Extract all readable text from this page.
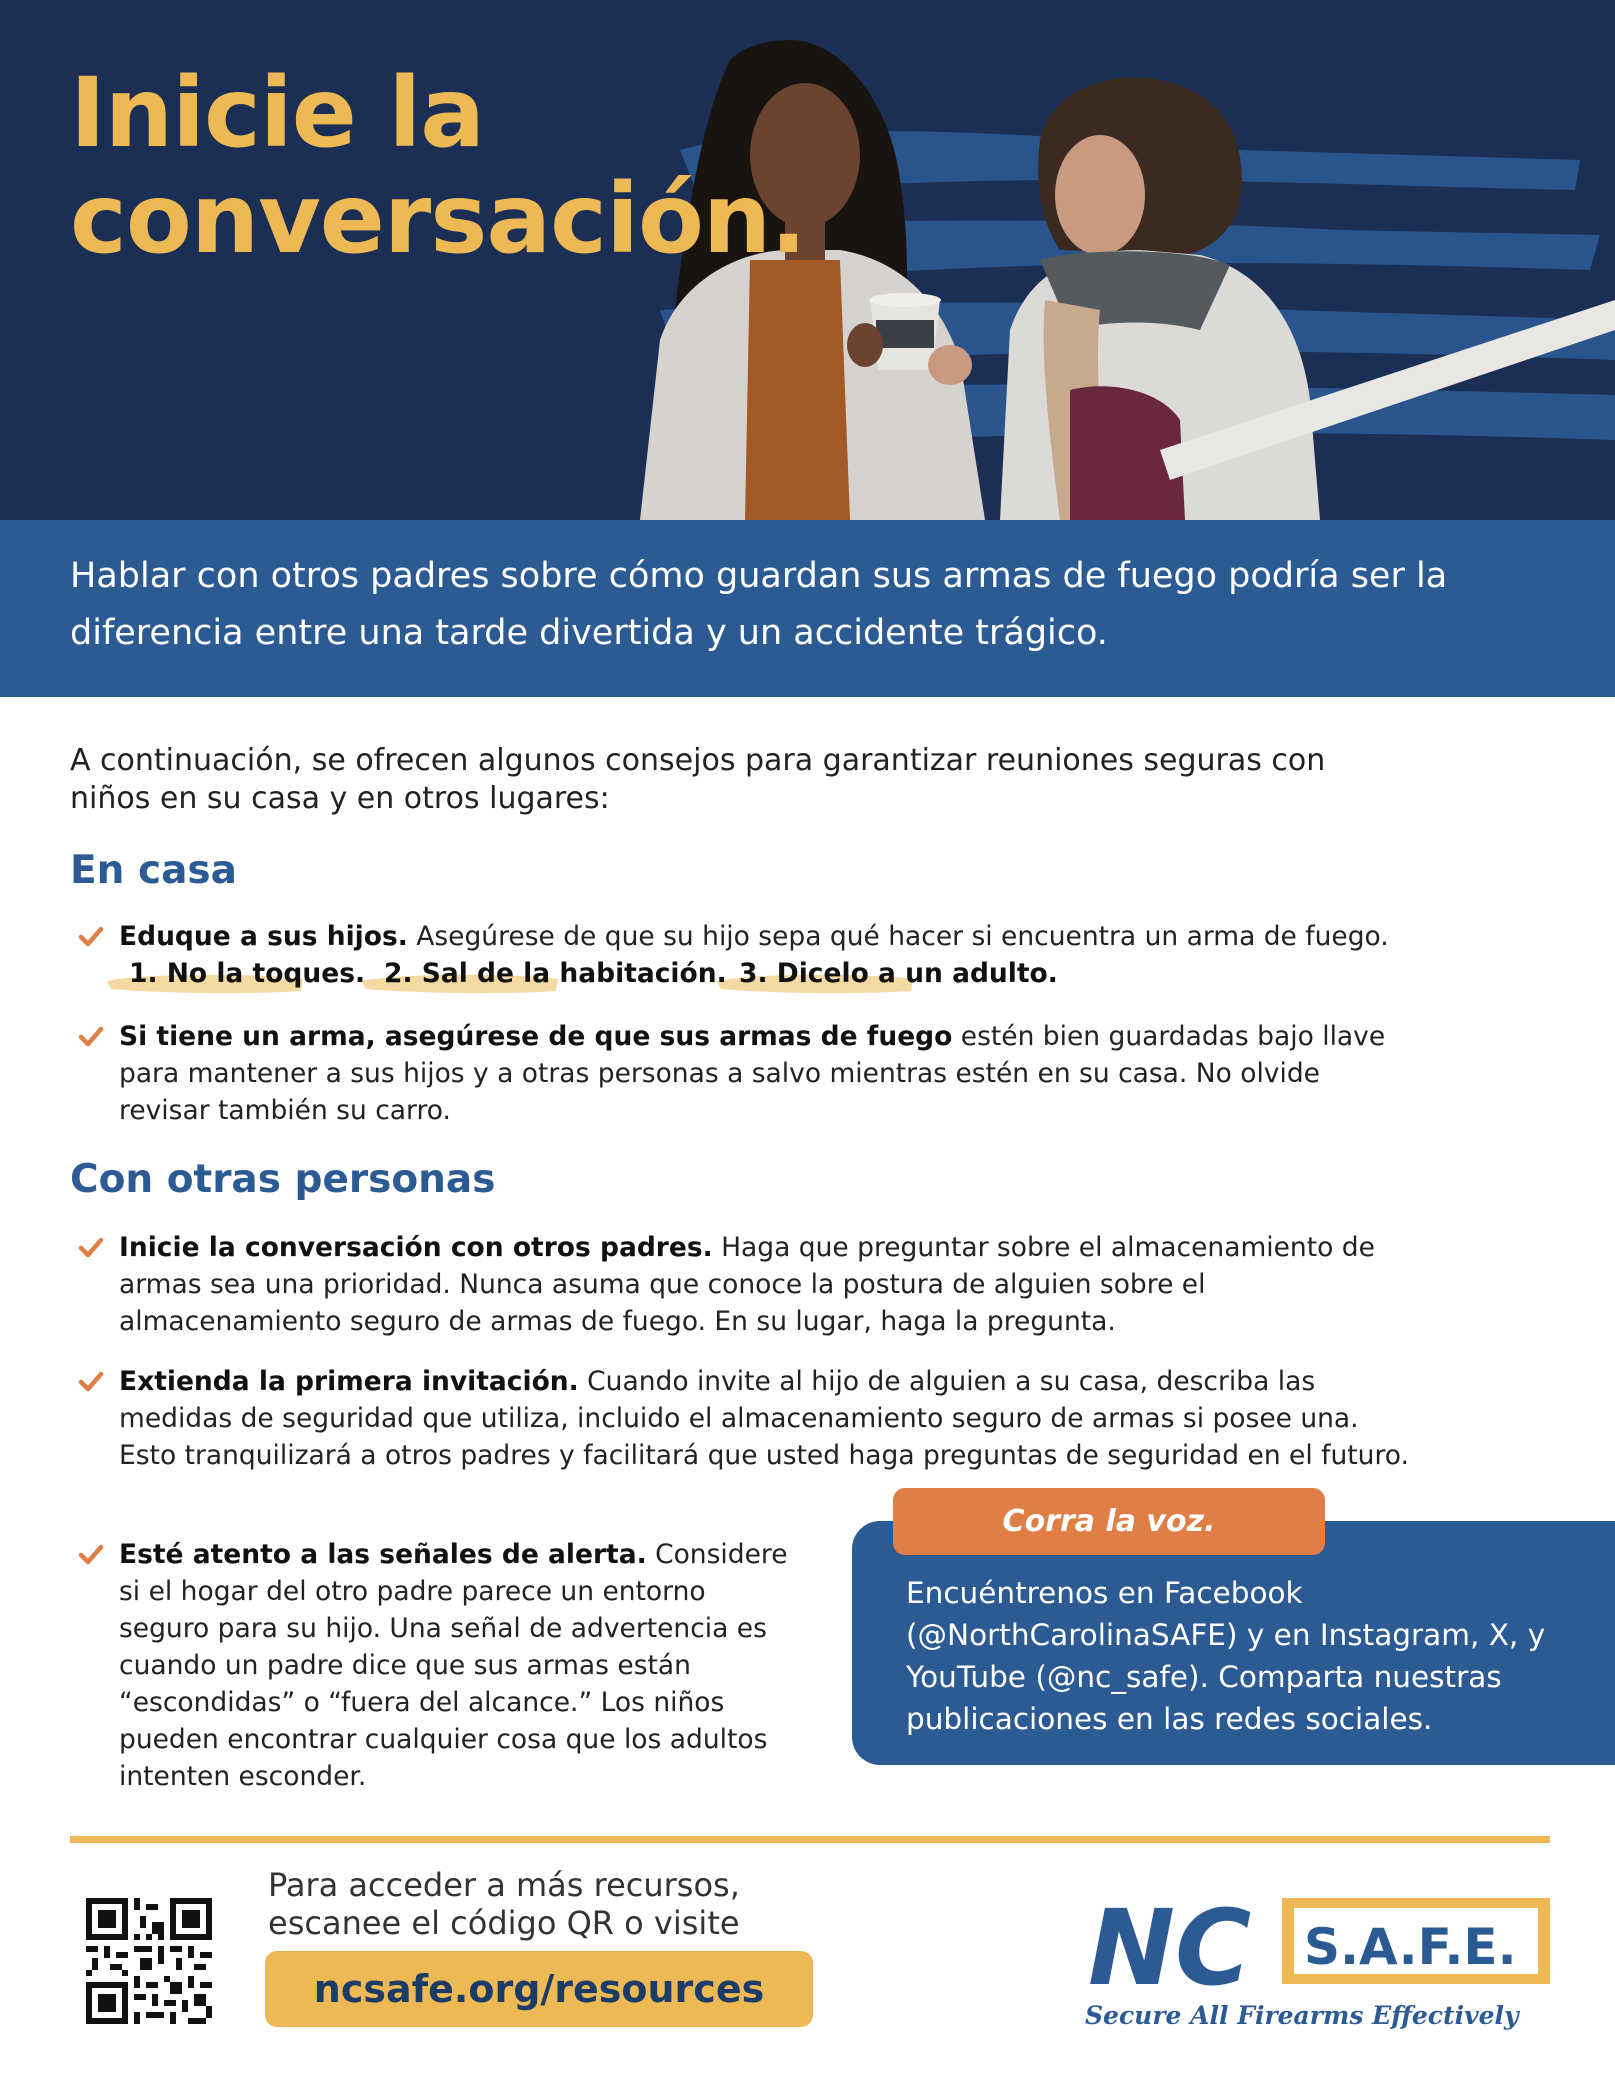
Inicie la
conversación.
Hablar con otros padres sobre cómo guardan sus armas de fuego podría ser la diferencia entre una tarde divertida y un accidente trágico.
A continuación, se ofrecen algunos consejos para garantizar reuniones seguras con niños en su casa y en otros lugares:
En casa
Eduque a sus hijos. Asegúrese de que su hijo sepa qué hacer si encuentra un arma de fuego.
1. No la toques. 2. Sal de la habitación. 3. Dicelo a un adulto.
Si tiene un arma, asegúrese de que sus armas de fuego estén bien guardadas bajo llave para mantener a sus hijos y a otras personas a salvo mientras estén en su casa. No olvide revisar también su carro.
Con otras personas
Inicie la conversación con otros padres. Haga que preguntar sobre el almacenamiento de armas sea una prioridad. Nunca asuma que conoce la postura de alguien sobre el almacenamiento seguro de armas de fuego. En su lugar, haga la pregunta.
Extienda la primera invitación. Cuando invite al hijo de alguien a su casa, describa las medidas de seguridad que utiliza, incluido el almacenamiento seguro de armas si posee una. Esto tranquilizará a otros padres y facilitará que usted haga preguntas de seguridad en el futuro.
Esté atento a las señales de alerta. Considere si el hogar del otro padre parece un entorno seguro para su hijo. Una señal de advertencia es cuando un padre dice que sus armas están “escondidas” o “fuera del alcance.” Los niños pueden encontrar cualquier cosa que los adultos intenten esconder.
Corra la voz.
Encuéntrenos en Facebook (@NorthCarolinaSAFE) y en Instagram, X, y YouTube (@nc_safe). Comparta nuestras publicaciones en las redes sociales.
Para acceder a más recursos,
escanee el código QR o visite
ncsafe.org/resources	NC S.A.F.E.
Secure All Firearms Effectively
